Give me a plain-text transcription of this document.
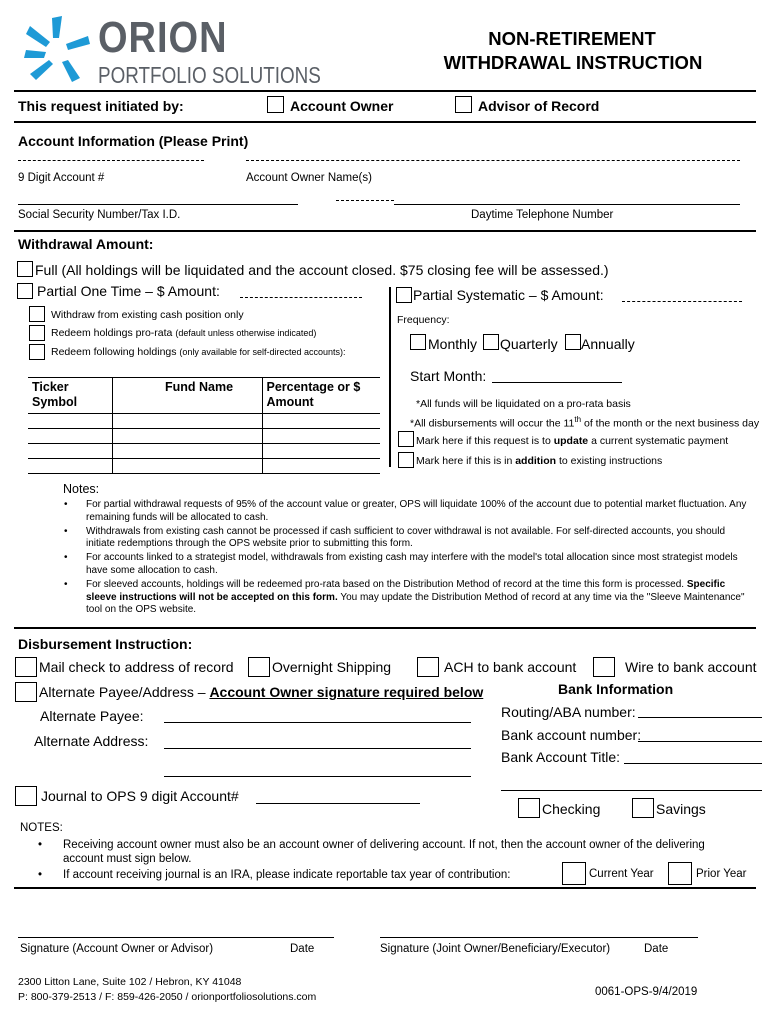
ORION
PORTFOLIO SOLUTIONS
NON-RETIREMENT
WITHDRAWAL INSTRUCTION
This request initiated by:	Account Owner	Advisor of Record
Account Information (Please Print)
9 Digit Account #	Account Owner Name(s)
Social Security Number/Tax I.D.	Daytime Telephone Number
Withdrawal Amount:
Full (All holdings will be liquidated and the account closed. $75 closing fee will be assessed.)
Partial One Time – $ Amount:
Withdraw from existing cash position only
Redeem holdings pro-rata (default unless otherwise indicated)
Redeem following holdings (only available for self-directed accounts):
Ticker Symbol	Fund Name	Percentage or $ Amount

Partial Systematic – $ Amount:
Frequency:
Monthly Quarterly Annually
Start Month:
*All funds will be liquidated on a pro-rata basis
*All disbursements will occur the 11th of the month or the next business day
Mark here if this request is to update a current systematic payment
Mark here if this is in addition to existing instructions
Notes:
• For partial withdrawal requests of 95% of the account value or greater, OPS will liquidate 100% of the account due to potential market fluctuation. Any remaining funds will be allocated to cash.
• Withdrawals from existing cash cannot be processed if cash sufficient to cover withdrawal is not available. For self-directed accounts, you should initiate redemptions through the OPS website prior to submitting this form.
• For accounts linked to a strategist model, withdrawals from existing cash may interfere with the model's total allocation since most strategist models have some allocation to cash.
• For sleeved accounts, holdings will be redeemed pro-rata based on the Distribution Method of record at the time this form is processed. Specific sleeve instructions will not be accepted on this form. You may update the Distribution Method of record at any time via the "Sleeve Maintenance" tool on the OPS website.
Disbursement Instruction:
Mail check to address of record	Overnight Shipping	ACH to bank account	Wire to bank account
Alternate Payee/Address – Account Owner signature required below	Bank Information
Alternate Payee:
Alternate Address:
Routing/ABA number:
Bank account number:
Bank Account Title:
Journal to OPS 9 digit Account#
Checking	Savings
NOTES:
• Receiving account owner must also be an account owner of delivering account. If not, then the account owner of the delivering account must sign below.
• If account receiving journal is an IRA, please indicate reportable tax year of contribution:	Current Year	Prior Year
Signature (Account Owner or Advisor)	Date	Signature (Joint Owner/Beneficiary/Executor)	Date
2300 Litton Lane, Suite 102 / Hebron, KY 41048
P: 800-379-2513 / F: 859-426-2050 / orionportfoliosolutions.com	0061-OPS-9/4/2019
